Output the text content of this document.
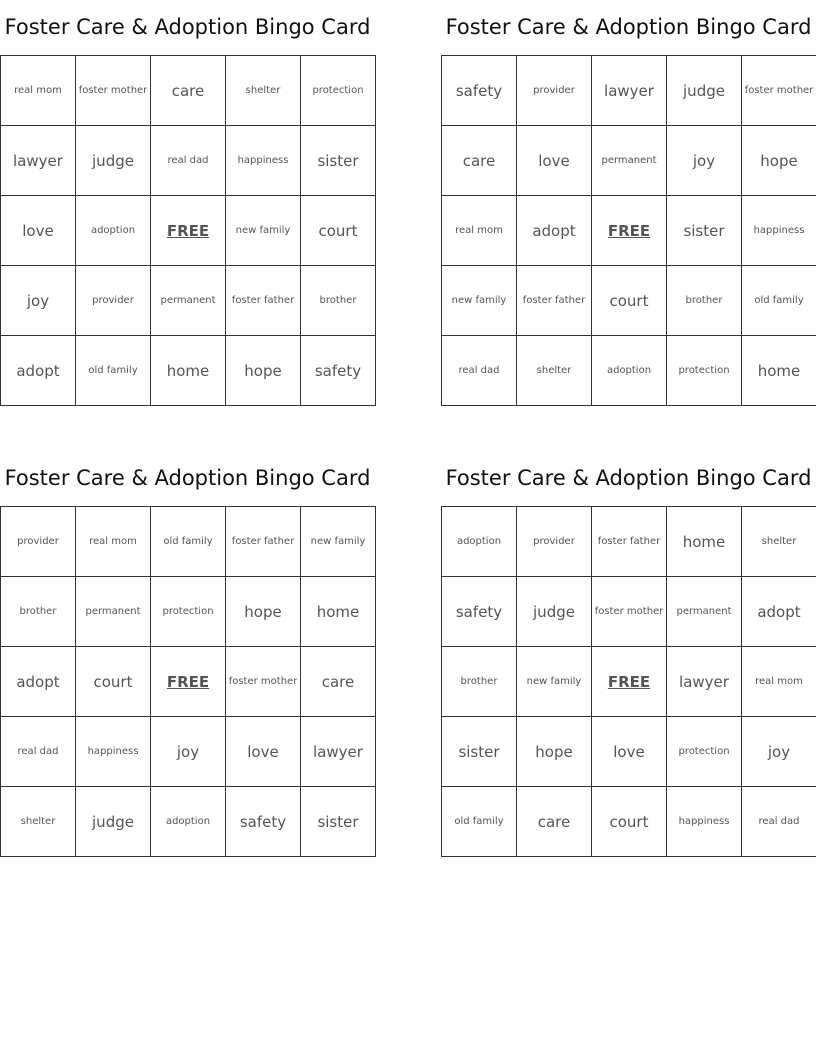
Foster Care & Adoption Bingo Card
real mom	foster mother	care	shelter	protection
lawyer	judge	real dad	happiness	sister
love	adoption	FREE	new family	court
joy	provider	permanent	foster father	brother
adopt	old family	home	hope	safety
Foster Care & Adoption Bingo Card
safety	provider	lawyer	judge	foster mother
care	love	permanent	joy	hope
real mom	adopt	FREE	sister	happiness
new family	foster father	court	brother	old family
real dad	shelter	adoption	protection	home
Foster Care & Adoption Bingo Card
provider	real mom	old family	foster father	new family
brother	permanent	protection	hope	home
adopt	court	FREE	foster mother	care
real dad	happiness	joy	love	lawyer
shelter	judge	adoption	safety	sister
Foster Care & Adoption Bingo Card
adoption	provider	foster father	home	shelter
safety	judge	foster mother	permanent	adopt
brother	new family	FREE	lawyer	real mom
sister	hope	love	protection	joy
old family	care	court	happiness	real dad
